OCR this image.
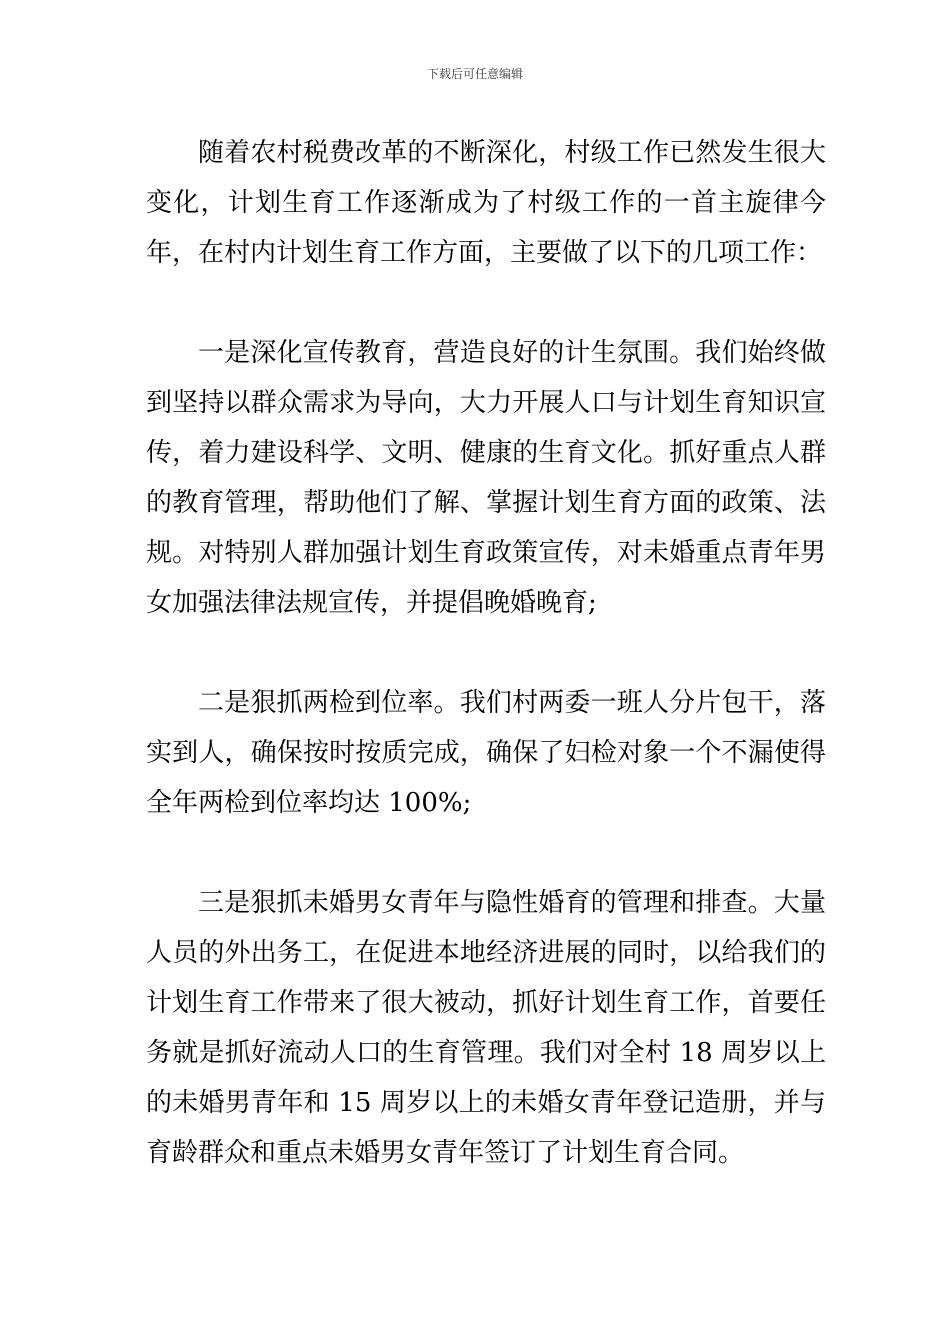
下载后可任意编辑

随着农村税费改革的不断深化，村级工作已然发生很大变化，计划生育工作逐渐成为了村级工作的一首主旋律今年，在村内计划生育工作方面，主要做了以下的几项工作：

一是深化宣传教育，营造良好的计生氛围。我们始终做到坚持以群众需求为导向，大力开展人口与计划生育知识宣传，着力建设科学、文明、健康的生育文化。抓好重点人群的教育管理，帮助他们了解、掌握计划生育方面的政策、法规。对特别人群加强计划生育政策宣传，对未婚重点青年男女加强法律法规宣传，并提倡晚婚晚育;

二是狠抓两检到位率。我们村两委一班人分片包干，落实到人，确保按时按质完成，确保了妇检对象一个不漏使得全年两检到位率均达 100%;

三是狠抓未婚男女青年与隐性婚育的管理和排查。大量人员的外出务工，在促进本地经济进展的同时，以给我们的计划生育工作带来了很大被动，抓好计划生育工作，首要任务就是抓好流动人口的生育管理。我们对全村 18 周岁以上的未婚男青年和 15 周岁以上的未婚女青年登记造册，并与育龄群众和重点未婚男女青年签订了计划生育合同。
